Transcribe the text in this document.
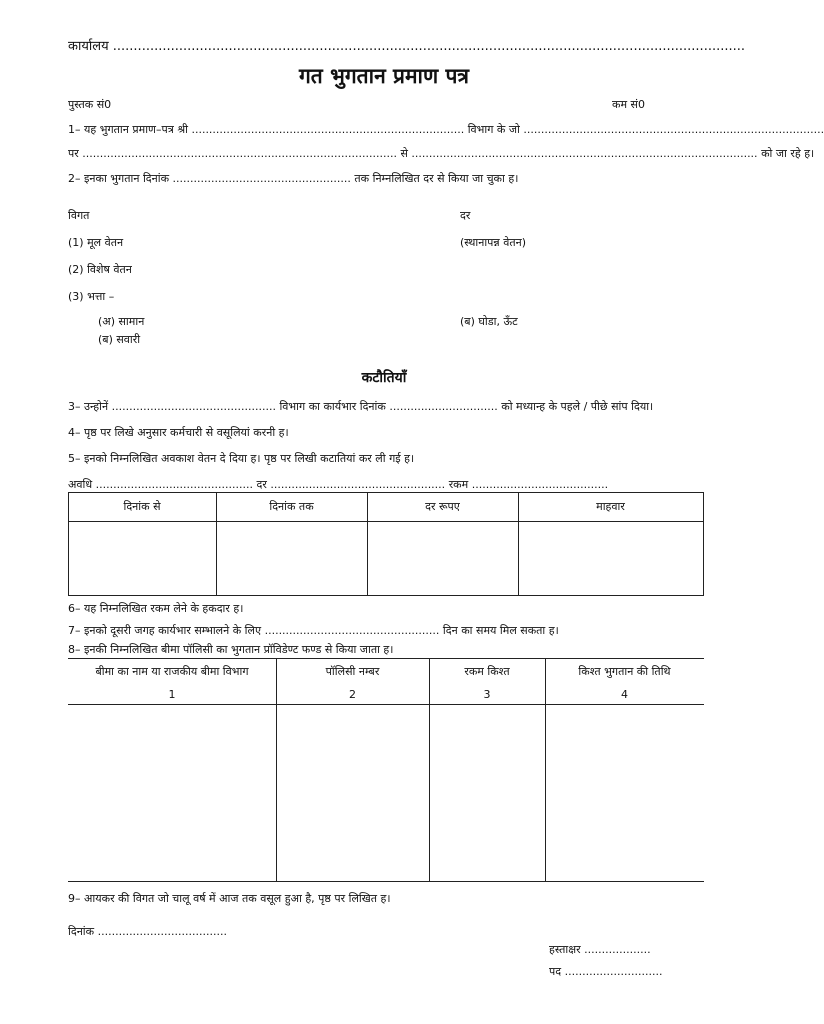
कार्यालय .........................................................................................................................................................
गत भुगतान प्रमाण पत्र
पुस्तक सं0	कम सं0
1– यह भुगतान प्रमाण–पत्र श्री .............................................................................. विभाग के जो ......................................................................................
पर .......................................................................................... से ................................................................................................... को जा रहे ह।
2– इनका भुगतान दिनांक ................................................... तक निम्नलिखित दर से किया जा चुका ह।
विगत	दर
(1) मूल वेतन	(स्थानापन्न वेतन)
(2) विशेष वेतन
(3) भत्ता –
(अ) सामान	(ब) घोडा, ऊँट
(ब) सवारी
कटौतियाँ
3– उन्होनें ............................................... विभाग का कार्यभार दिनांक ............................... को मध्यान्ह के पहले / पीछे सांप दिया।
4– पृष्ठ पर लिखे अनुसार कर्मचारी से वसूलियां करनी ह।
5– इनको निम्नलिखित अवकाश वेतन दे दिया ह। पृष्ठ पर लिखी कटातियां कर ली गई ह।
अवधि ............................................. दर .................................................. रकम .......................................
दिनांक से	दिनांक तक	दर रूपए	माहवार
6– यह निम्नलिखित रकम लेने के हकदार ह।
7– इनको दूसरी जगह कार्यभार सम्भालने के लिए .................................................. दिन का समय मिल सकता ह।
8– इनकी निम्नलिखित बीमा पॉलिसी का भुगतान प्रॉविडेण्ट फण्ड से किया जाता ह।
बीमा का नाम या राजकीय बीमा विभाग	पॉलिसी नम्बर	रकम किश्त	किश्त भुगतान की तिथि
1	2	3	4
9– आयकर की विगत जो चालू वर्ष में आज तक वसूल हुआ है, पृष्ठ पर लिखित ह।
दिनांक .....................................
हस्ताक्षर ...................
पद ............................
